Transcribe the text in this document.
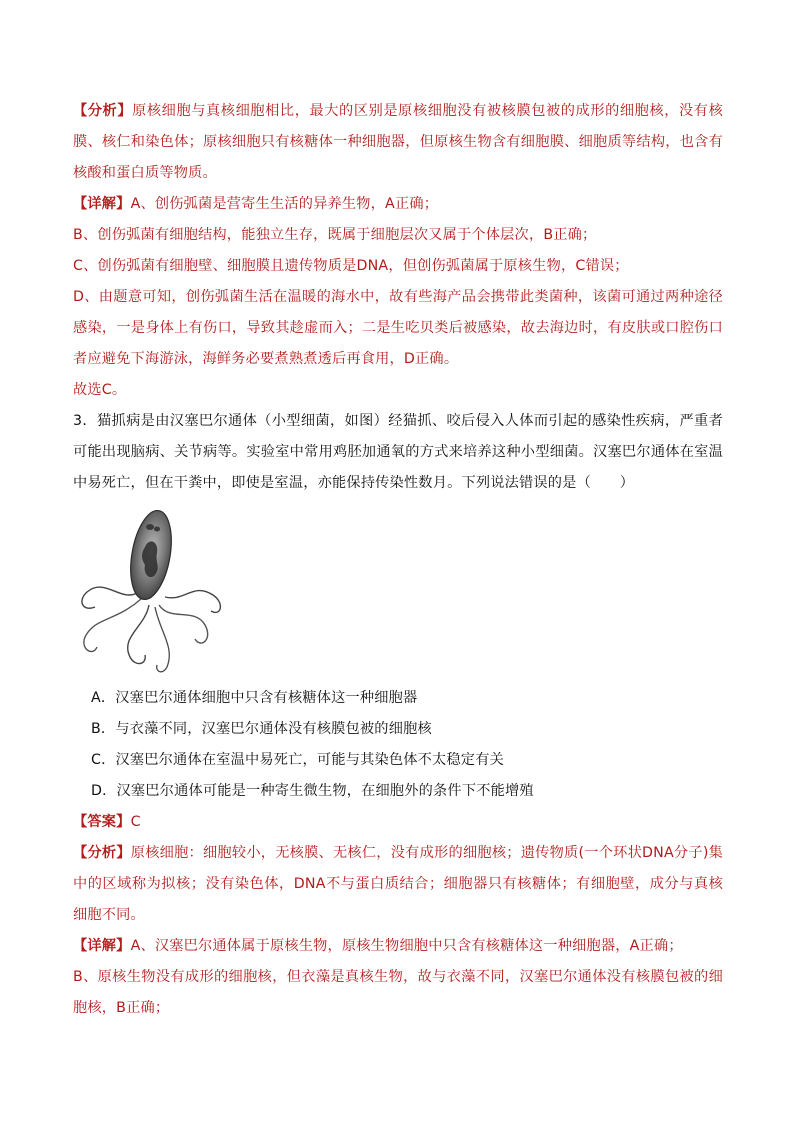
【分析】原核细胞与真核细胞相比，最大的区别是原核细胞没有被核膜包被的成形的细胞核，没有核膜、核仁和染色体；原核细胞只有核糖体一种细胞器，但原核生物含有细胞膜、细胞质等结构，也含有核酸和蛋白质等物质。

【详解】A、创伤弧菌是营寄生生活的异养生物，A正确；

B、创伤弧菌有细胞结构，能独立生存，既属于细胞层次又属于个体层次，B正确；

C、创伤弧菌有细胞壁、细胞膜且遗传物质是DNA，但创伤弧菌属于原核生物，C错误；

D、由题意可知，创伤弧菌生活在温暖的海水中，故有些海产品会携带此类菌种，该菌可通过两种途径感染，一是身体上有伤口，导致其趁虚而入；二是生吃贝类后被感染，故去海边时，有皮肤或口腔伤口者应避免下海游泳，海鲜务必要煮熟煮透后再食用，D正确。

故选C。

3．猫抓病是由汉塞巴尔通体（小型细菌，如图）经猫抓、咬后侵入人体而引起的感染性疾病，严重者可能出现脑病、关节病等。实验室中常用鸡胚加通氧的方式来培养这种小型细菌。汉塞巴尔通体在室温中易死亡，但在干粪中，即使是室温，亦能保持传染性数月。下列说法错误的是（　　）

A．汉塞巴尔通体细胞中只含有核糖体这一种细胞器

B．与衣藻不同，汉塞巴尔通体没有核膜包被的细胞核

C．汉塞巴尔通体在室温中易死亡，可能与其染色体不太稳定有关

D．汉塞巴尔通体可能是一种寄生微生物，在细胞外的条件下不能增殖

【答案】C

【分析】原核细胞：细胞较小，无核膜、无核仁，没有成形的细胞核；遗传物质(一个环状DNA分子)集中的区域称为拟核；没有染色体，DNA不与蛋白质结合；细胞器只有核糖体；有细胞壁，成分与真核细胞不同。

【详解】A、汉塞巴尔通体属于原核生物，原核生物细胞中只含有核糖体这一种细胞器，A正确；

B、原核生物没有成形的细胞核，但衣藻是真核生物，故与衣藻不同，汉塞巴尔通体没有核膜包被的细胞核，B正确；
